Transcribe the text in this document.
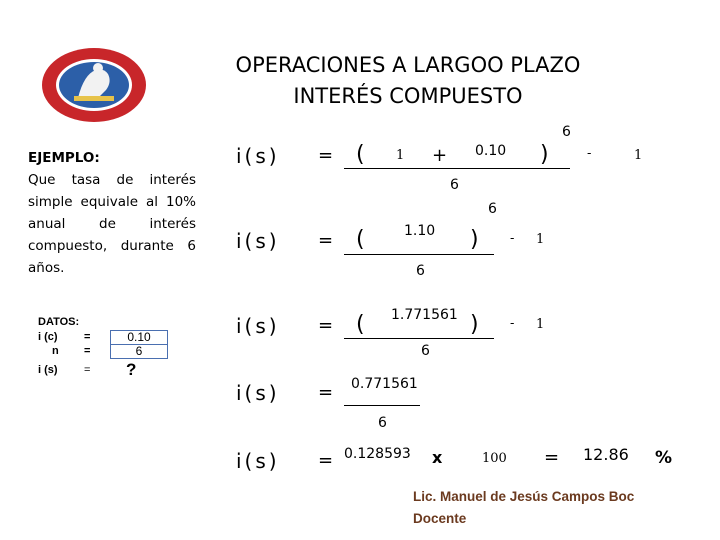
OPERACIONES A LARGOO PLAZO
INTERÉS COMPUESTO
EJEMPLO:
Que tasa de interés simple equivale al 10% anual de interés compuesto, durante 6 años.
DATOS:
i (c) =	0.10
n =	6
i (s) = ?
i(s) = ( 1 + 0.10 )
6
-	1
6
i(s) = (	1.10 )
6
- 1
6
i(s) = ( 1.771561 ) - 1
6
i(s) = 0.771561
6
i(s) = 0.128593 x	100 = 12.86 %
Lic. Manuel de Jesús Campos Boc
Docente
